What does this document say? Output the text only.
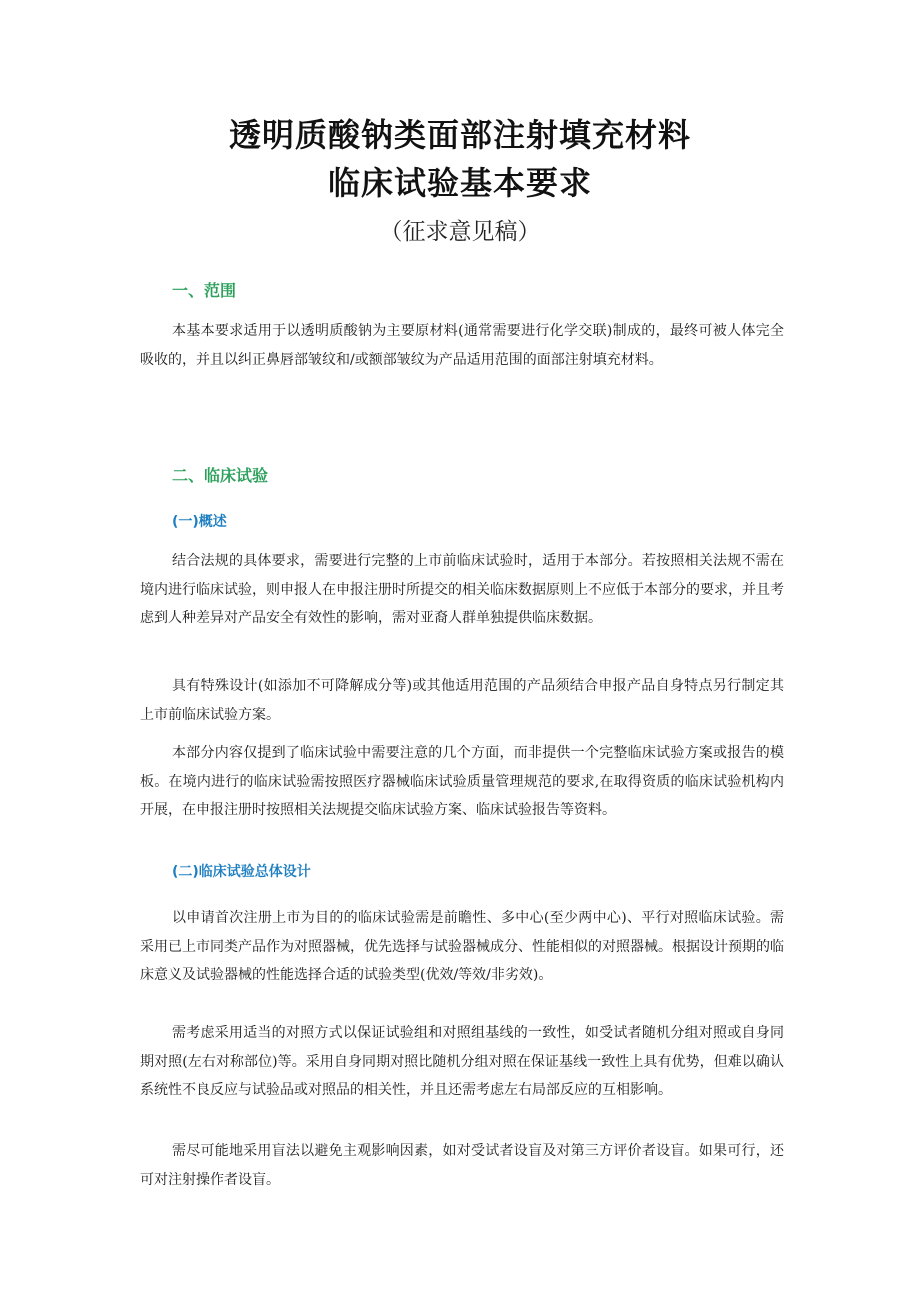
透明质酸钠类面部注射填充材料
临床试验基本要求
（征求意见稿）
一、范围

本基本要求适用于以透明质酸钠为主要原材料(通常需要进行化学交联)制成的，最终可被人体完全吸收的，并且以纠正鼻唇部皱纹和/或额部皱纹为产品适用范围的面部注射填充材料。

二、临床试验
(一)概述

结合法规的具体要求，需要进行完整的上市前临床试验时，适用于本部分。若按照相关法规不需在境内进行临床试验，则申报人在申报注册时所提交的相关临床数据原则上不应低于本部分的要求，并且考虑到人种差异对产品安全有效性的影响，需对亚裔人群单独提供临床数据。

具有特殊设计(如添加不可降解成分等)或其他适用范围的产品须结合申报产品自身特点另行制定其上市前临床试验方案。

本部分内容仅提到了临床试验中需要注意的几个方面，而非提供一个完整临床试验方案或报告的模板。在境内进行的临床试验需按照医疗器械临床试验质量管理规范的要求,在取得资质的临床试验机构内开展，在申报注册时按照相关法规提交临床试验方案、临床试验报告等资料。

(二)临床试验总体设计

以申请首次注册上市为目的的临床试验需是前瞻性、多中心(至少两中心)、平行对照临床试验。需采用已上市同类产品作为对照器械，优先选择与试验器械成分、性能相似的对照器械。根据设计预期的临床意义及试验器械的性能选择合适的试验类型(优效/等效/非劣效)。

需考虑采用适当的对照方式以保证试验组和对照组基线的一致性，如受试者随机分组对照或自身同期对照(左右对称部位)等。采用自身同期对照比随机分组对照在保证基线一致性上具有优势，但难以确认系统性不良反应与试验品或对照品的相关性，并且还需考虑左右局部反应的互相影响。

需尽可能地采用盲法以避免主观影响因素，如对受试者设盲及对第三方评价者设盲。如果可行，还可对注射操作者设盲。
